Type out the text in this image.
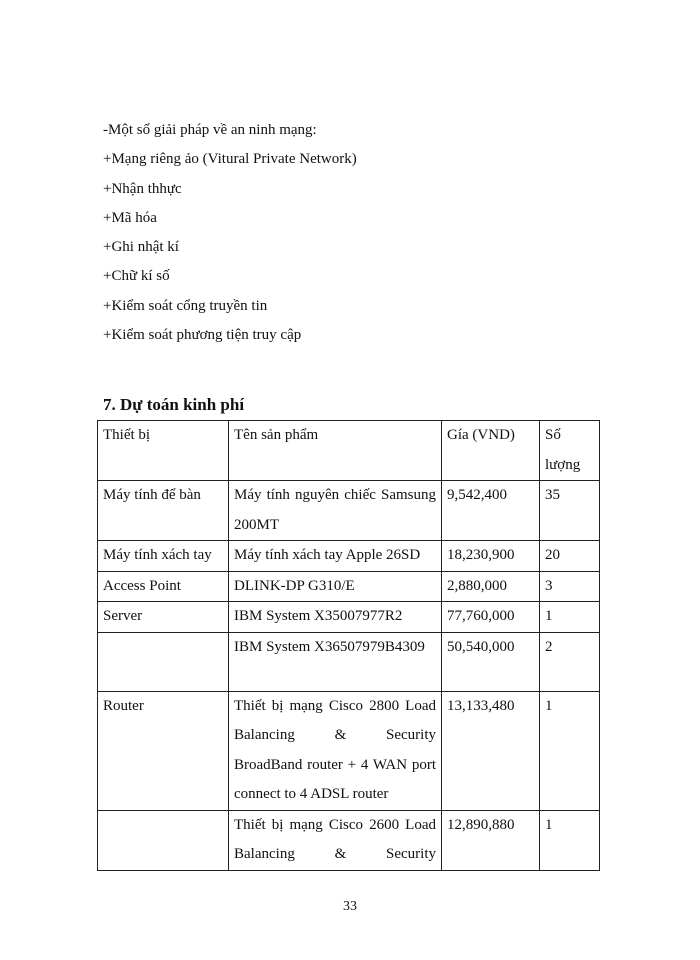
-Một số giải pháp về an ninh mạng:
+Mạng riêng ảo (Vitural Private Network)
+Nhận thhực
+Mã hóa
+Ghi nhật kí
+Chữ kí số
+Kiểm soát cổng truyền tin
+Kiểm soát phương tiện truy cập
7. Dự toán kinh phí
Thiết bị	Tên sản phẩm	Gía (VND)	Số lượng
Máy tính để bàn	Máy tính nguyên chiếc Samsung 200MT	9,542,400	35
Máy tính xách tay	Máy tính xách tay Apple 26SD	18,230,900	20
Access Point	DLINK-DP G310/E	2,880,000	3
Server	IBM System X35007977R2	77,760,000	1
	IBM System X36507979B4309	50,540,000	2
Router	Thiết bị mạng Cisco 2800 Load Balancing & Security BroadBand router + 4 WAN port connect to 4 ADSL router	13,133,480	1
	Thiết bị mạng Cisco 2600 Load Balancing & Security	12,890,880	1
33
